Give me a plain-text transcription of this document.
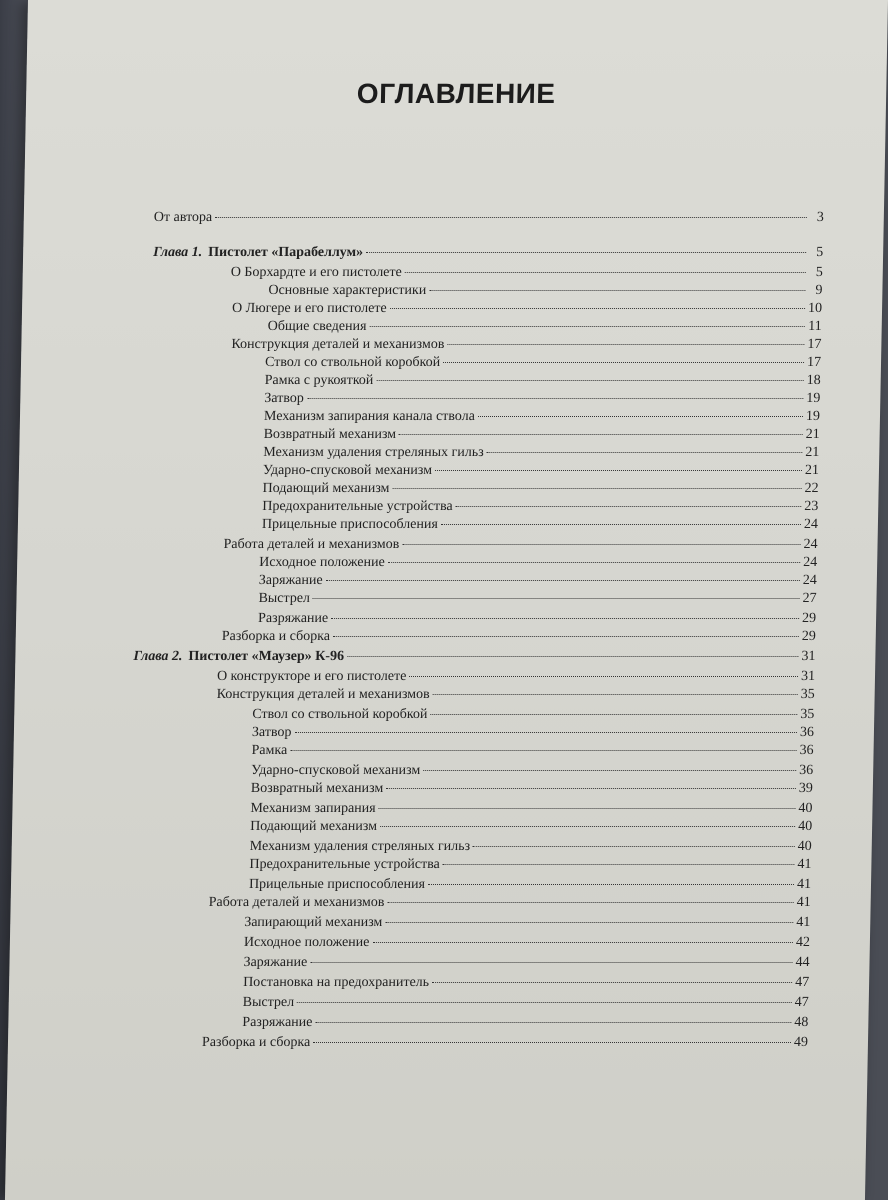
ОГЛАВЛЕНИЕ
От автора	3
Глава 1. Пистолет «Парабеллум»	5
О Борхардте и его пистолете	5
Основные характеристики	9
О Люгере и его пистолете	10
Общие сведения	11
Конструкция деталей и механизмов	17
Ствол со ствольной коробкой	17
Рамка с рукояткой	18
Затвор	19
Механизм запирания канала ствола	19
Возвратный механизм	21
Механизм удаления стреляных гильз	21
Ударно-спусковой механизм	21
Подающий механизм	22
Предохранительные устройства	23
Прицельные приспособления	24
Работа деталей и механизмов	24
Исходное положение	24
Заряжание	24
Выстрел	27
Разряжание	29
Разборка и сборка	29
Глава 2. Пистолет «Маузер» К-96	31
О конструкторе и его пистолете	31
Конструкция деталей и механизмов	35
Ствол со ствольной коробкой	35
Затвор	36
Рамка	36
Ударно-спусковой механизм	36
Возвратный механизм	39
Механизм запирания	40
Подающий механизм	40
Механизм удаления стреляных гильз	40
Предохранительные устройства	41
Прицельные приспособления	41
Работа деталей и механизмов	41
Запирающий механизм	41
Исходное положение	42
Заряжание	44
Постановка на предохранитель	47
Выстрел	47
Разряжание	48
Разборка и сборка	49
